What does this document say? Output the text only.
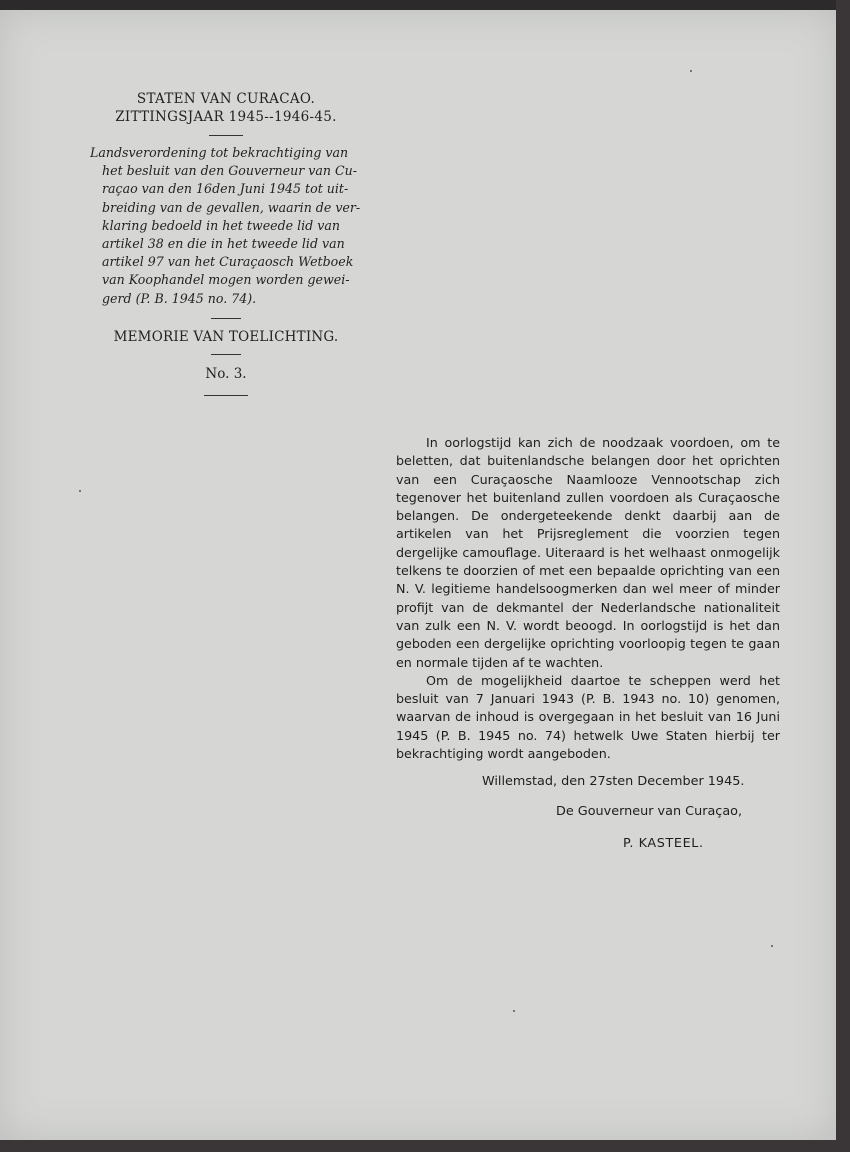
STATEN VAN CURACAO.
ZITTINGSJAAR 1945--1946-45.
Landsverordening tot bekrachtiging van
het besluit van den Gouverneur van Cu-
raçao van den 16den Juni 1945 tot uit-
breiding van de gevallen, waarin de ver-
klaring bedoeld in het tweede lid van
artikel 38 en die in het tweede lid van
artikel 97 van het Curaçaosch Wetboek
van Koophandel mogen worden gewei-
gerd (P. B. 1945 no. 74).
MEMORIE VAN TOELICHTING.
No. 3.

In oorlogstijd kan zich de noodzaak voordoen, om te beletten, dat buitenlandsche belangen door het oprichten van een Curaçaosche Naamlooze Vennootschap zich tegenover het buitenland zullen voordoen als Curaçaosche belangen. De ondergeteekende denkt daarbij aan de artikelen van het Prijsreglement die voorzien tegen dergelijke camouflage. Uiteraard is het welhaast onmogelijk telkens te doorzien of met een bepaalde oprichting van een N. V. legitieme handelsoogmerken dan wel meer of minder profijt van de dekmantel der Nederlandsche nationaliteit van zulk een N. V. wordt beoogd. In oorlogstijd is het dan geboden een dergelijke oprichting voorloopig tegen te gaan en normale tijden af te wachten.

Om de mogelijkheid daartoe te scheppen werd het besluit van 7 Januari 1943 (P. B. 1943 no. 10) genomen, waarvan de inhoud is overgegaan in het besluit van 16 Juni 1945 (P. B. 1945 no. 74) hetwelk Uwe Staten hierbij ter bekrachtiging wordt aangeboden.

Willemstad, den 27sten December 1945.
De Gouverneur van Curaçao,
P. KASTEEL.
